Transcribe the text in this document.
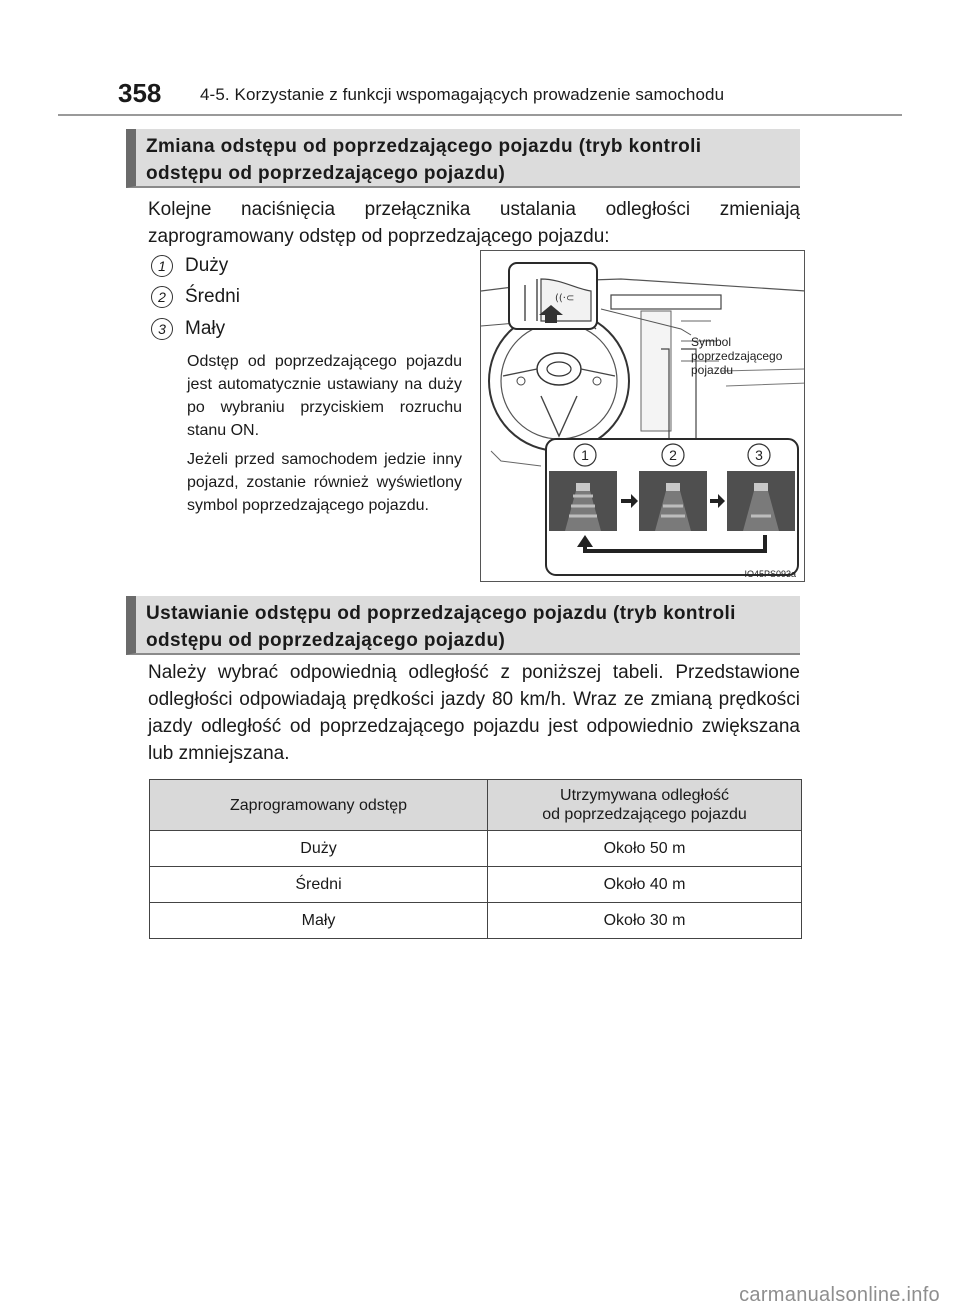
358 4-5. Korzystanie z funkcji wspomagających prowadzenie samochodu
Zmiana odstępu od poprzedzającego pojazdu (tryb kontroli
odstępu od poprzedzającego pojazdu)
Kolejne naciśnięcia przełącznika ustalania odległości zmieniają zaprogramowany odstęp od poprzedzającego pojazdu:
1 Duży
2 Średni
3 Mały
Odstęp od poprzedzającego pojazdu jest automatycznie ustawiany na duży po wybraniu przyciskiem rozruchu stanu ON.
Jeżeli przed samochodem jedzie inny pojazd, zostanie również wyświetlony symbol poprzedzającego pojazdu.
((·⊂
1	2	3
Symbol
poprzedzającego
pojazdu
IO45PS093a
Ustawianie odstępu od poprzedzającego pojazdu (tryb kontroli
odstępu od poprzedzającego pojazdu)
Należy wybrać odpowiednią odległość z poniższej tabeli. Przedstawione odległości odpowiadają prędkości jazdy 80 km/h. Wraz ze zmianą prędkości jazdy odległość od poprzedzającego pojazdu jest odpowiednio zwiększana lub zmniejszana.
Zaprogramowany odstęp	Utrzymywana odległość
od poprzedzającego pojazdu

Duży	Około 50 m
Średni	Około 40 m
Mały	Około 30 m
carmanualsonline.info
